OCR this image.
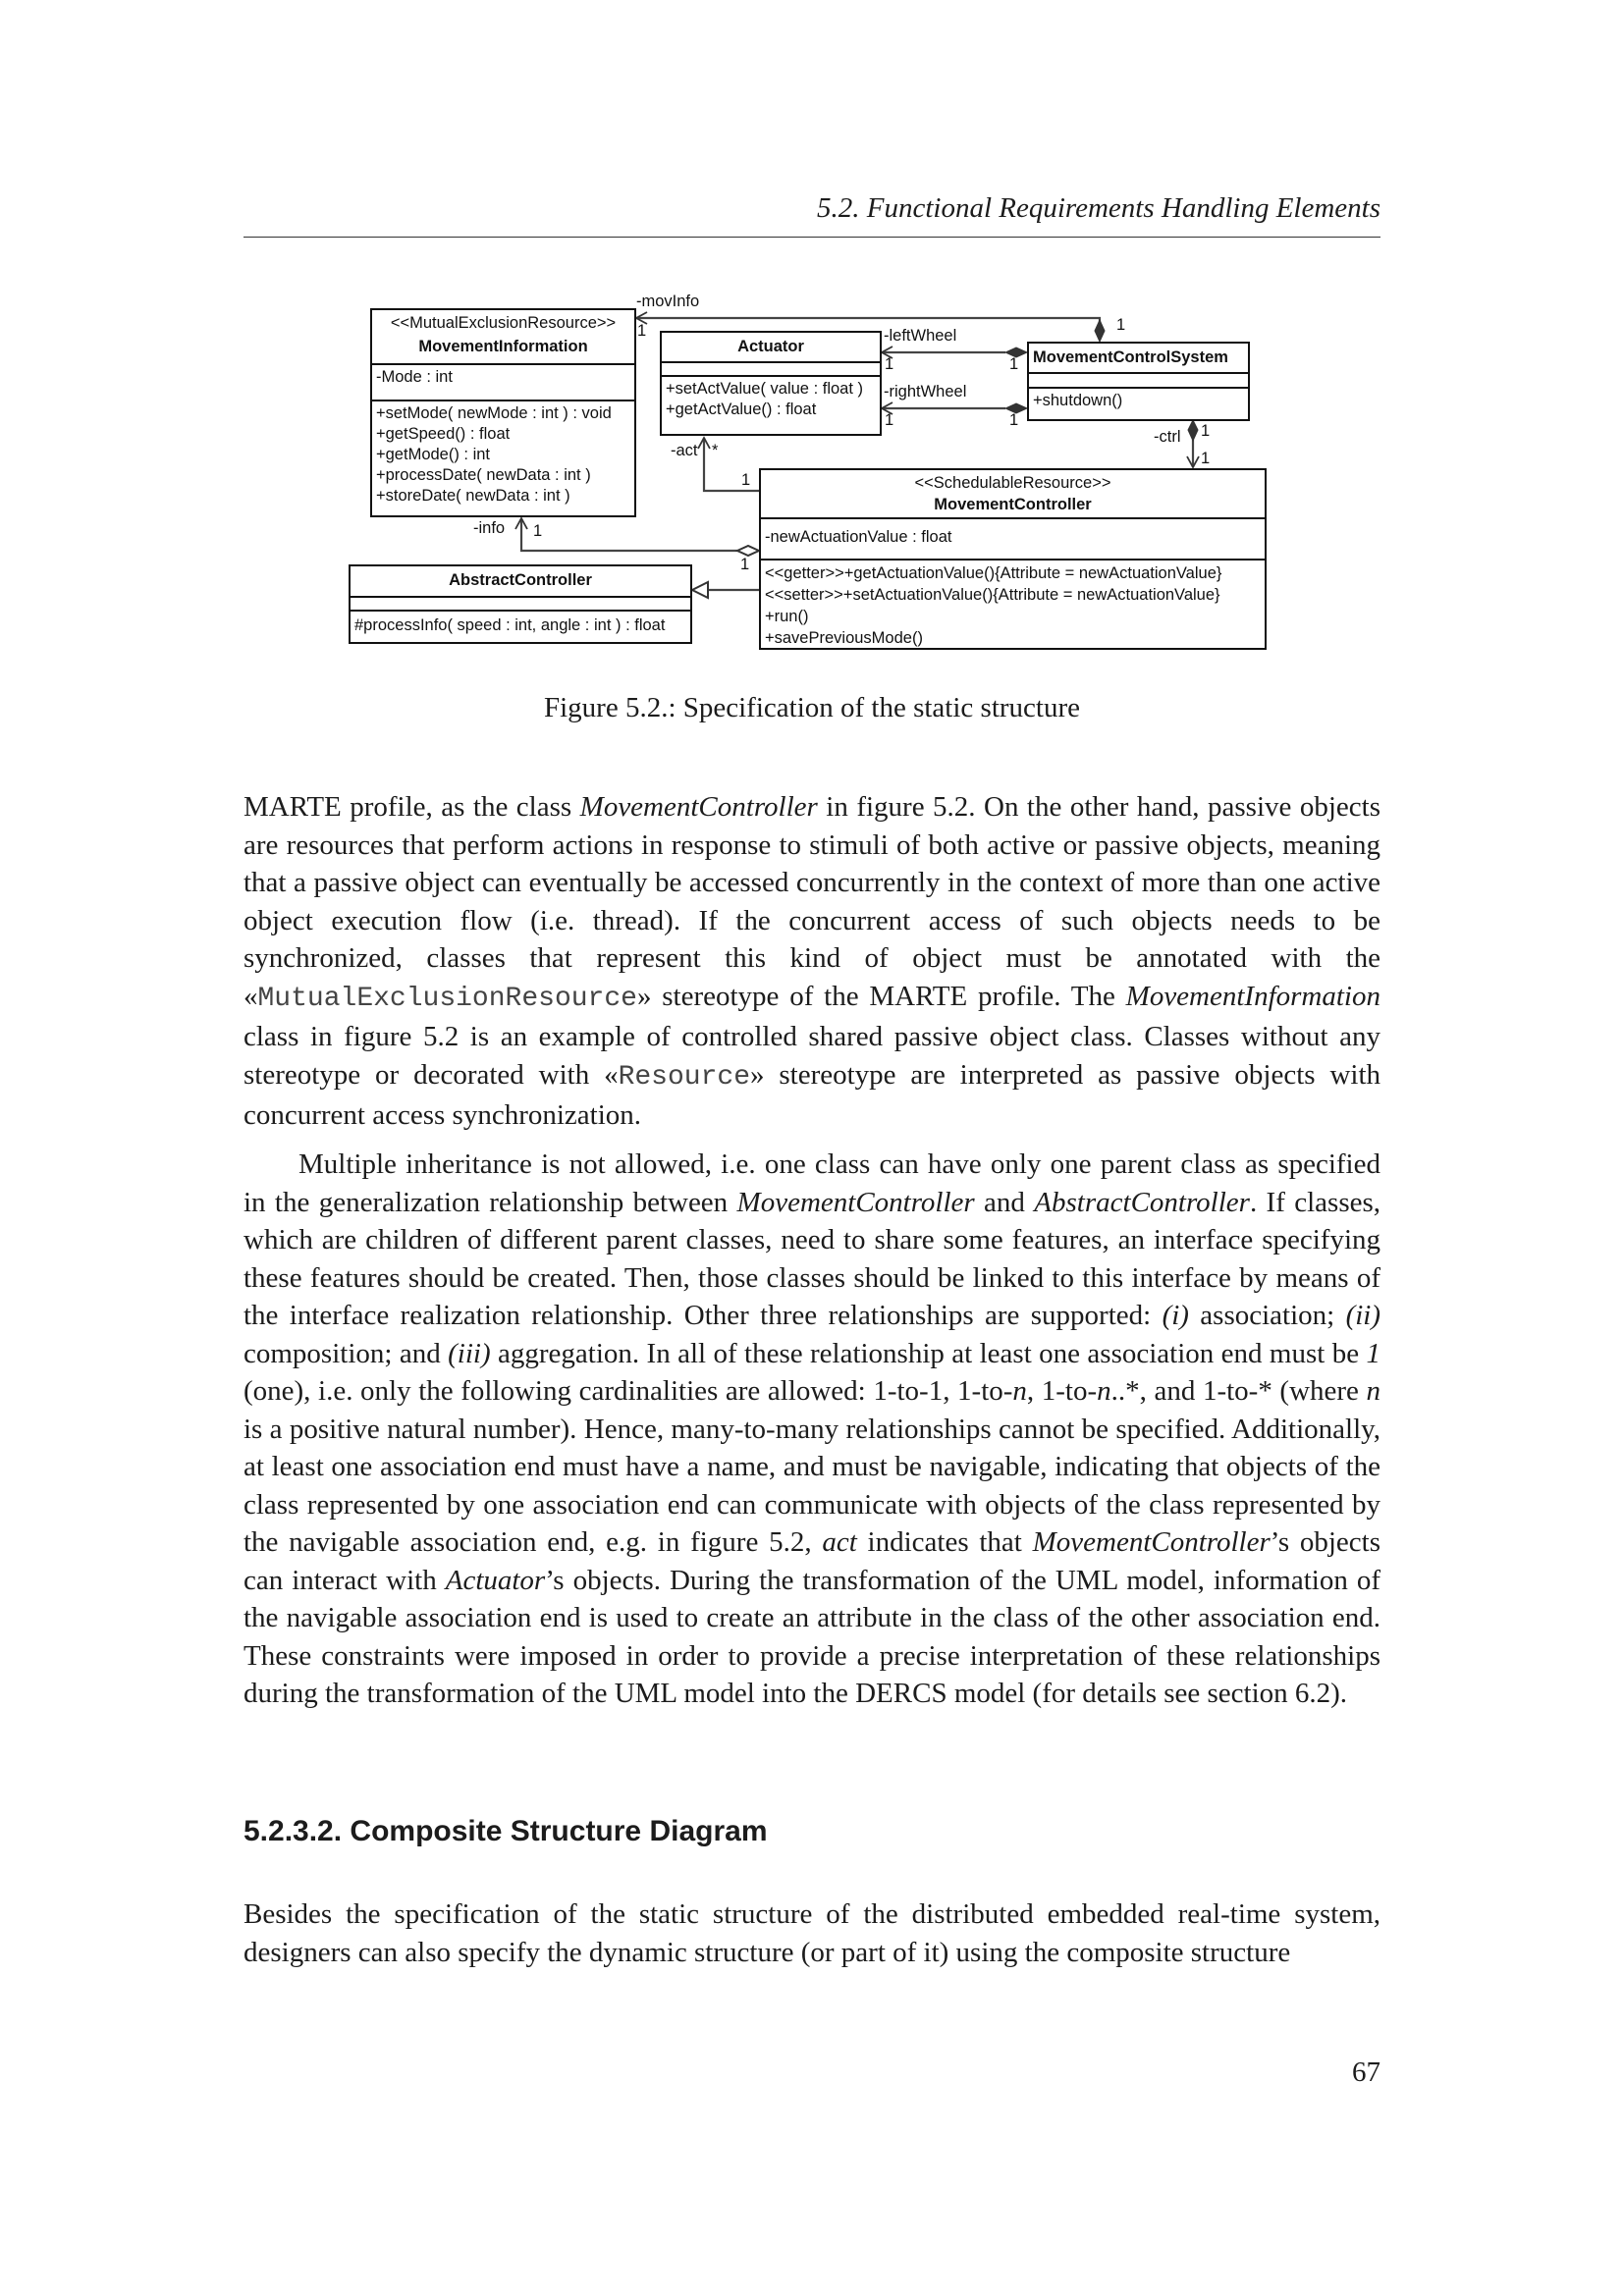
5.2. Functional Requirements Handling Elements
<<MutualExclusionResource>>
MovementInformation
-Mode : int
+setMode( newMode : int ) : void
+getSpeed() : float
+getMode() : int
+processDate( newData : int )
+storeDate( newData : int )
Actuator
+setActValue( value : float )
+getActValue() : float
MovementControlSystem
+shutdown()
<<SchedulableResource>>
MovementController
-newActuationValue : float
<<getter>>+getActuationValue(){Attribute = newActuationValue}
<<setter>>+setActuationValue(){Attribute = newActuationValue}
+run()
+savePreviousMode()
AbstractController
#processInfo( speed : int, angle : int ) : float
-movInfo
1	1
-leftWheel
1	1
-rightWheel
1	1
-ctrl 1
1
-act *
1
-info 1
1
Figure 5.2.: Specification of the static structure
MARTE profile, as the class MovementController in figure 5.2. On the other hand, passive objects are resources that perform actions in response to stimuli of both active or passive objects, meaning that a passive object can eventually be accessed concurrently in the context of more than one active object execution flow (i.e. thread). If the concurrent access of such objects needs to be synchronized, classes that represent this kind of object must be annotated with the «MutualExclusionResource» stereotype of the MARTE profile. The MovementInformation class in figure 5.2 is an example of controlled shared passive object class. Classes without any stereotype or decorated with «Resource» stereotype are interpreted as passive objects with concurrent access synchronization.
Multiple inheritance is not allowed, i.e. one class can have only one parent class as specified in the generalization relationship between MovementController and AbstractController. If classes, which are children of different parent classes, need to share some features, an interface specifying these features should be created. Then, those classes should be linked to this interface by means of the interface realization relationship. Other three relationships are supported: (i) association; (ii) composition; and (iii) aggregation. In all of these relationship at least one association end must be 1 (one), i.e. only the following cardinalities are allowed: 1-to-1, 1-to-n, 1-to-n..*, and 1-to-* (where n is a positive natural number). Hence, many-to-many relationships cannot be specified. Additionally, at least one association end must have a name, and must be navigable, indicating that objects of the class represented by one association end can communicate with objects of the class represented by the navigable association end, e.g. in figure 5.2, act indicates that MovementController’s objects can interact with Actuator’s objects. During the transformation of the UML model, information of the navigable association end is used to create an attribute in the class of the other association end. These constraints were imposed in order to provide a precise interpretation of these relationships during the transformation of the UML model into the DERCS model (for details see section 6.2).
5.2.3.2. Composite Structure Diagram
Besides the specification of the static structure of the distributed embedded real-time system, designers can also specify the dynamic structure (or part of it) using the composite structure
67
